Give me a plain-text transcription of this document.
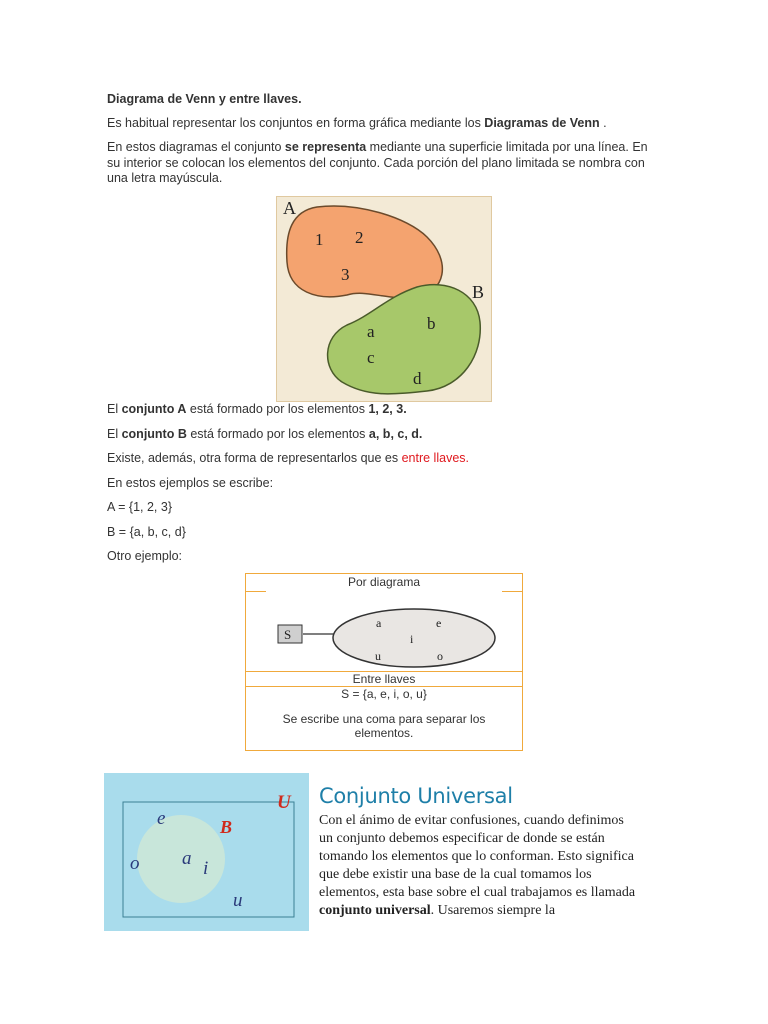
Diagrama de Venn y entre llaves.

Es habitual representar los conjuntos en forma gráfica mediante los Diagramas de Venn .

En estos diagramas el conjunto se representa mediante una superficie limitada por una línea. En su interior se colocan los elementos del conjunto. Cada porción del plano limitada se nombra con una letra mayúscula.

A
B
1 2
3
a	b
c
d

El conjunto A está formado por los elementos 1, 2, 3.

El conjunto B está formado por los elementos a, b, c, d.

Existe, además, otra forma de representarlos que es entre llaves.

En estos ejemplos se escribe:

A = {1, 2, 3}

B = {a, b, c, d}

Otro ejemplo:

Por diagrama
S
a	e
i
u	o
Entre llaves
S = {a, e, i, o, u}
Se escribe una coma para separar los elementos.
U
B
a i
e
o
u
Conjunto Universal
Con el ánimo de evitar confusiones, cuando definimos un conjunto debemos especificar de donde se están tomando los elementos que lo conforman. Esto significa que debe existir una base de la cual tomamos los elementos, esta base sobre el cual trabajamos es llamada conjunto universal. Usaremos siempre la
